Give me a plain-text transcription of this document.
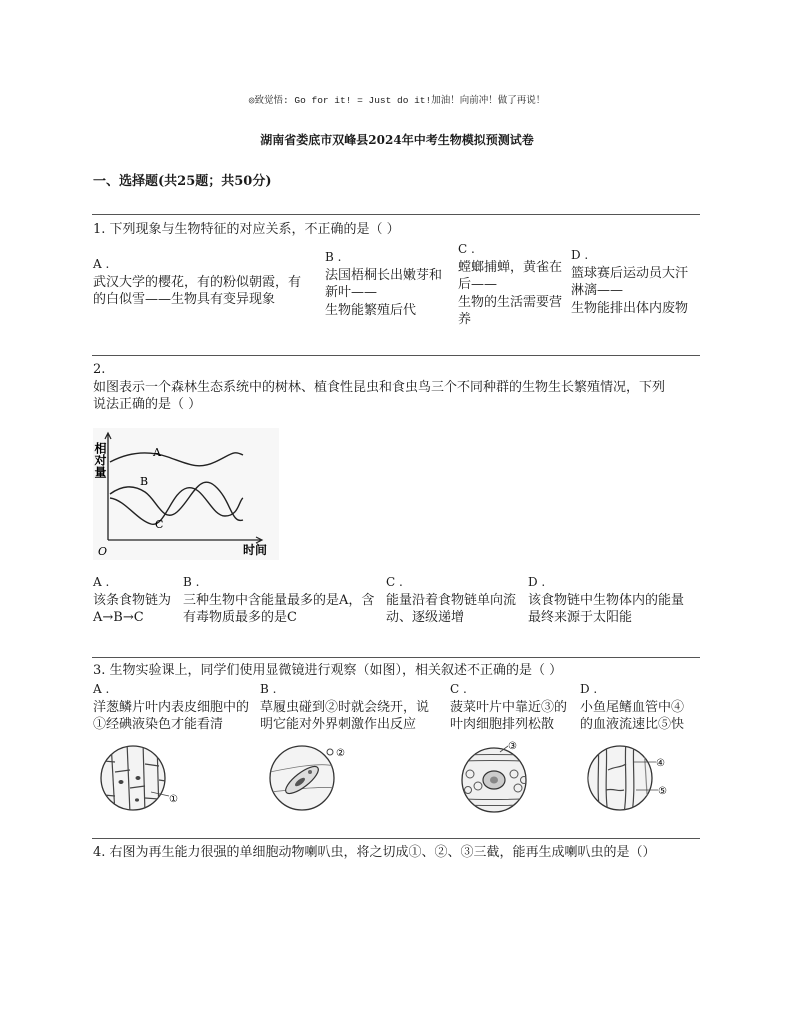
◎致觉悟: Go for it! = Just do it!加油！向前冲！做了再说！
湖南省娄底市双峰县2024年中考生物模拟预测试卷
一、选择题(共25题；共50分)
1. 下列现象与生物特征的对应关系，不正确的是（ ）
A .
武汉大学的樱花，有的粉似朝霞，有
的白似雪——生物具有变异现象
B .
法国梧桐长出嫩芽和
新叶——
生物能繁殖后代
C .
螳螂捕蝉，黄雀在
后——
生物的生活需要营
养
D .
篮球赛后运动员大汗
淋漓——
生物能排出体内废物
2.
如图表示一个森林生态系统中的树林、植食性昆虫和食虫鸟三个不同种群的生物生长繁殖情况，下列
说法正确的是（ ）
相对量
时间
O
A
B
C
A .
该条食物链为
A→B→C
B .
三种生物中含能量最多的是A，含
有毒物质最多的是C
C .
能量沿着食物链单向流
动、逐级递增
D .
该食物链中生物体内的能量
最终来源于太阳能
3. 生物实验课上，同学们使用显微镜进行观察（如图），相关叙述不正确的是（ ）
A .
洋葱鳞片叶内表皮细胞中的
①经碘液染色才能看清
B .
草履虫碰到②时就会绕开，说
明它能对外界刺激作出反应
C .
菠菜叶片中靠近③的
叶肉细胞排列松散
D .
小鱼尾鳍血管中④
的血液流速比⑤快
①
②
③
④
⑤
4. 右图为再生能力很强的单细胞动物喇叭虫，将之切成①、②、③三截，能再生成喇叭虫的是（）
